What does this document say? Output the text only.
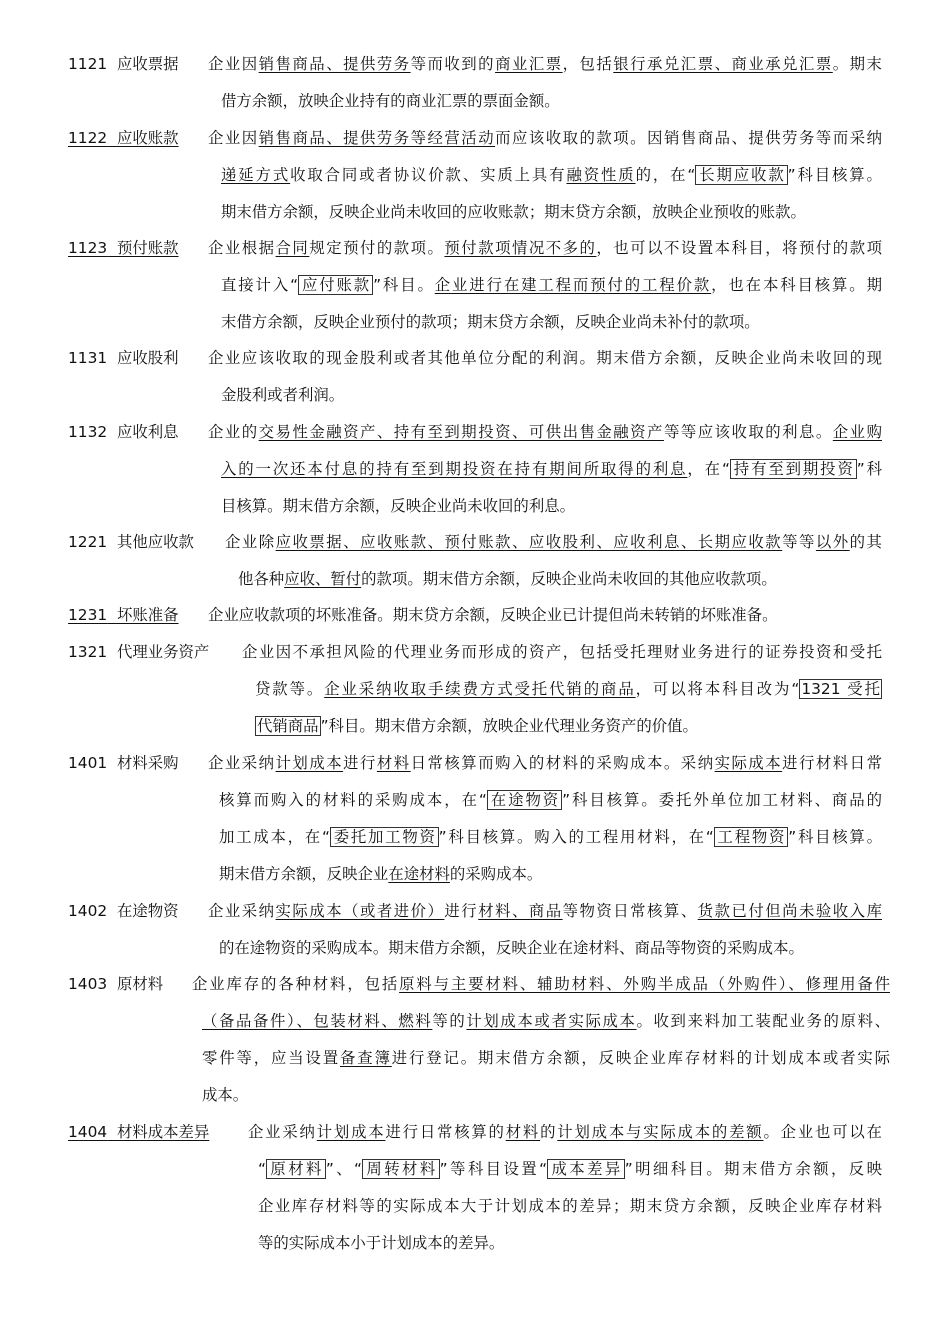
1121 应收票据 企业因销售商品、提供劳务等而收到的商业汇票，包括银行承兑汇票、商业承兑汇票。期末
借方余额，放映企业持有的商业汇票的票面金额。
1122 应收账款 企业因销售商品、提供劳务等经营活动而应该收取的款项。因销售商品、提供劳务等而采纳
递延方式收取合同或者协议价款、实质上具有融资性质的，在“ 长期应收款 ”科目核算。
期末借方余额，反映企业尚未收回的应收账款；期末贷方余额，放映企业预收的账款。
1123 预付账款 企业根据合同规定预付的款项。预付款项情况不多的，也可以不设置本科目，将预付的款项
直接计入“ 应付账款 ”科目。企业进行在建工程而预付的工程价款，也在本科目核算。期
末借方余额，反映企业预付的款项；期末贷方余额，反映企业尚未补付的款项。
1131 应收股利 企业应该收取的现金股利或者其他单位分配的利润。期末借方余额，反映企业尚未收回的现
金股利或者利润。
1132 应收利息 企业的交易性金融资产、持有至到期投资、可供出售金融资产等等应该收取的利息。企业购
入的一次还本付息的持有至到期投资在持有期间所取得的利息，在“ 持有至到期投资 ”科
目核算。期末借方余额，反映企业尚未收回的利息。
1221 其他应收款 企业除应收票据、应收账款、预付账款、应收股利、应收利息、长期应收款等等以外的其
他各种应收、暂付的款项。期末借方余额，反映企业尚未收回的其他应收款项。
1231 坏账准备 企业应收款项的坏账准备。期末贷方余额，反映企业已计提但尚未转销的坏账准备。
1321 代理业务资产 企业因不承担风险的代理业务而形成的资产，包括受托理财业务进行的证券投资和受托
贷款等。企业采纳收取手续费方式受托代销的商品，可以将本科目改为“ 1321 受托
代销商品 ”科目。期末借方余额，放映企业代理业务资产的价值。
1401 材料采购 企业采纳计划成本进行材料日常核算而购入的材料的采购成本。采纳实际成本进行材料日常
核算而购入的材料的采购成本，在“ 在途物资 ”科目核算。委托外单位加工材料、商品的
加工成本，在“ 委托加工物资 ”科目核算。购入的工程用材料，在“ 工程物资 ”科目核算。
期末借方余额，反映企业在途材料的采购成本。
1402 在途物资 企业采纳实际成本（或者进价）进行材料、商品等物资日常核算、货款已付但尚未验收入库
的在途物资的采购成本。期末借方余额，反映企业在途材料、商品等物资的采购成本。
1403 原材料 企业库存的各种材料，包括原料与主要材料、辅助材料、外购半成品（外购件）、修理用备件
（备品备件）、包装材料、燃料等的计划成本或者实际成本。收到来料加工装配业务的原料、
零件等，应当设置备查簿进行登记。期末借方余额，反映企业库存材料的计划成本或者实际
成本。
1404 材料成本差异	企业采纳计划成本进行日常核算的材料的计划成本与实际成本的差额。企业也可以在
“ 原材料 ”、“ 周转材料 ”等科目设置“ 成本差异 ”明细科目。期末借方余额，反映
企业库存材料等的实际成本大于计划成本的差异；期末贷方余额，反映企业库存材料
等的实际成本小于计划成本的差异。
